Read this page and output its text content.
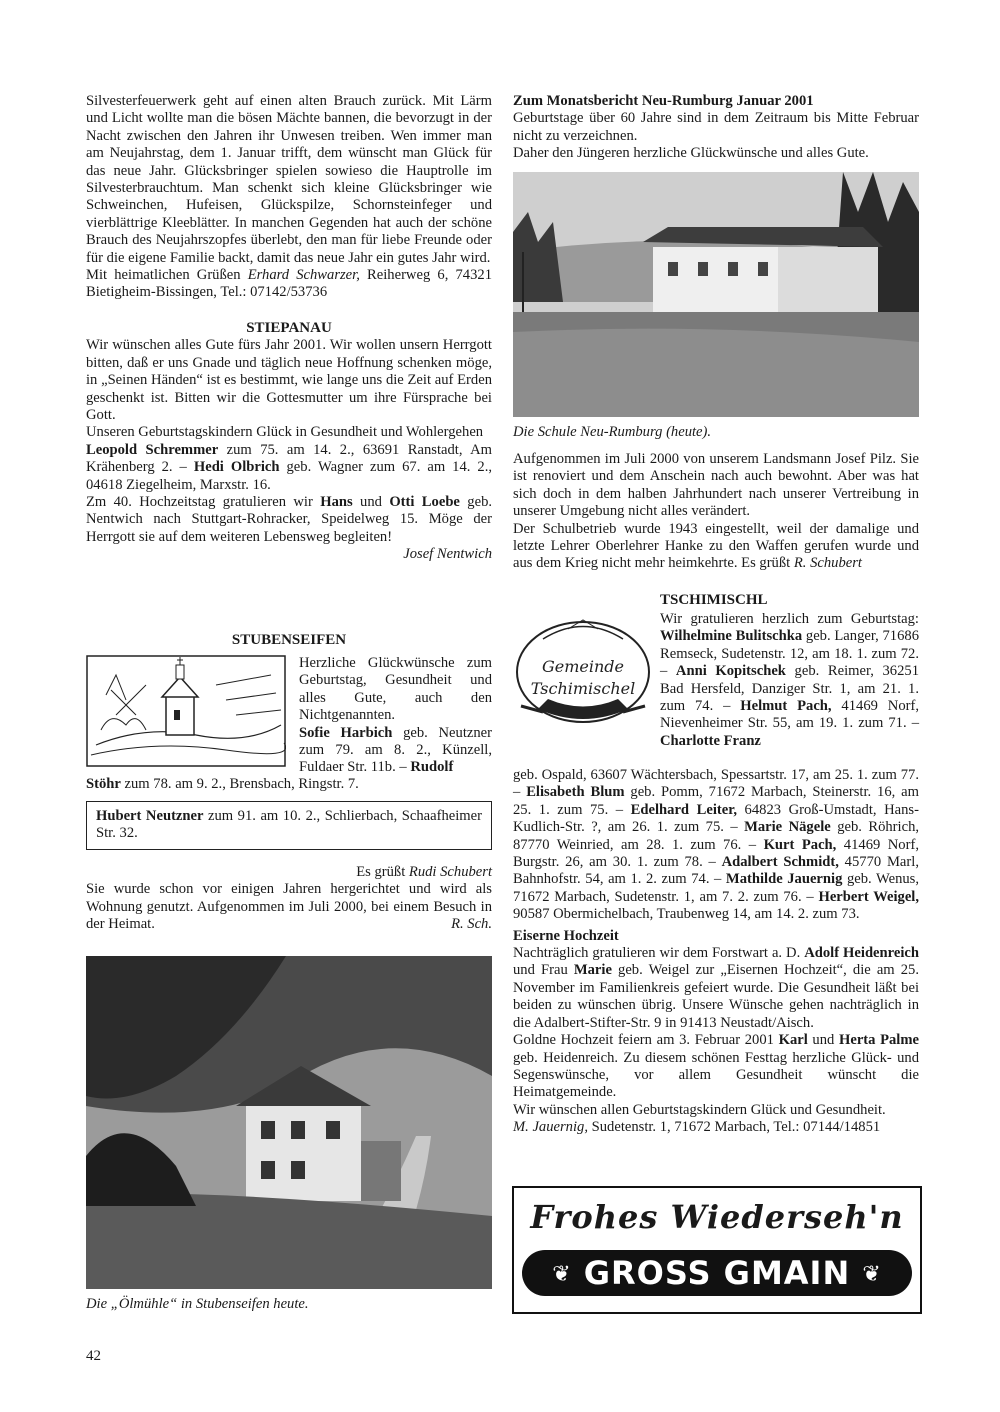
Silvesterfeuerwerk geht auf einen alten Brauch zurück. Mit Lärm und Licht wollte man die bösen Mächte bannen, die bevorzugt in der Nacht zwischen den Jahren ihr Unwesen treiben. Wen immer man am Neujahrstag, dem 1. Januar trifft, dem wünscht man Glück für das neue Jahr. Glücksbringer spielen sowieso die Hauptrolle im Silvesterbrauchtum. Man schenkt sich kleine Glücksbringer wie Schweinchen, Hufeisen, Glückspilze, Schornsteinfeger und vierblättrige Kleeblätter. In manchen Gegenden hat auch der schöne Brauch des Neujahrszopfes überlebt, den man für liebe Freunde oder für die eigene Familie backt, damit das neue Jahr ein gutes Jahr wird.

Mit heimatlichen Grüßen Erhard Schwarzer, Reiherweg 6, 74321 Bietigheim-Bissingen, Tel.: 07142/53736

STIEPANAU

Wir wünschen alles Gute fürs Jahr 2001. Wir wollen unsern Herrgott bitten, daß er uns Gnade und täglich neue Hoffnung schenken möge, in „Seinen Händen“ ist es bestimmt, wie lange uns die Zeit auf Erden geschenkt ist. Bitten wir die Gottesmutter um ihre Fürsprache bei Gott.

Unseren Geburtstagskindern Glück in Gesundheit und Wohlergehen

Leopold Schremmer zum 75. am 14. 2., 63691 Ranstadt, Am Krähenberg 2. – Hedi Olbrich geb. Wagner zum 67. am 14. 2., 04618 Ziegelheim, Marxstr. 16.

Zm 40. Hochzeitstag gratulieren wir Hans und Otti Loebe geb. Nentwich nach Stuttgart-Rohracker, Speidelweg 15. Möge der Herrgott sie auf dem weiteren Lebensweg begleiten!

Josef Nentwich

STUBENSEIFEN

Herzliche Glückwünsche zum Geburtstag, Gesundheit und alles Gute, auch den Nichtgenannten.

Sofie Harbich geb. Neutzner zum 79. am 8. 2., Künzell, Fuldaer Str. 11b. – Rudolf

Stöhr zum 78. am 9. 2., Brensbach, Ringstr. 7.

Hubert Neutzner zum 91. am 10. 2., Schlierbach, Schaafheimer Str. 32.

Es grüßt Rudi Schubert

Sie wurde schon vor einigen Jahren hergerichtet und wird als Wohnung genutzt. Aufgenommen im Juli 2000, bei einem Besuch in der Heimat.	R. Sch.

Die „Ölmühle“ in Stubenseifen heute.

Zum Monatsbericht Neu-Rumburg Januar 2001

Geburtstage über 60 Jahre sind in dem Zeitraum bis Mitte Februar nicht zu verzeichnen.

Daher den Jüngeren herzliche Glückwünsche und alles Gute.

Die Schule Neu-Rumburg (heute).

Aufgenommen im Juli 2000 von unserem Landsmann Josef Pilz. Sie ist renoviert und dem Anschein nach auch bewohnt. Aber was hat sich doch in dem halben Jahrhundert nach unserer Vertreibung in unserer Umgebung nicht alles verändert.

Der Schulbetrieb wurde 1943 eingestellt, weil der damalige und letzte Lehrer Oberlehrer Hanke zu den Waffen gerufen wurde und aus dem Krieg nicht mehr heimkehrte. Es grüßt R. Schubert

TSCHIMISCHL

Gemeinde
Tschimischel

Wir gratulieren herzlich zum Geburtstag: Wilhelmine Bulitschka geb. Langer, 71686 Remseck, Sudetenstr. 12, am 18. 1. zum 72. – Anni Kopitschek geb. Reimer, 36251 Bad Hersfeld, Danziger Str. 1, am 21. 1. zum 74. – Helmut Pach, 41469 Norf, Nievenheimer Str. 55, am 19. 1. zum 71. – Charlotte Franz

geb. Ospald, 63607 Wächtersbach, Spessartstr. 17, am 25. 1. zum 77. – Elisabeth Blum geb. Pomm, 71672 Marbach, Steinerstr. 16, am 25. 1. zum 75. – Edelhard Leiter, 64823 Groß-Umstadt, Hans-Kudlich-Str. ?, am 26. 1. zum 75. – Marie Nägele geb. Röhrich, 87770 Weinried, am 28. 1. zum 76. – Kurt Pach, 41469 Norf, Burgstr. 26, am 30. 1. zum 78. – Adalbert Schmidt, 45770 Marl, Bahnhofstr. 54, am 1. 2. zum 74. – Mathilde Jauernig geb. Wenus, 71672 Marbach, Sudetenstr. 1, am 7. 2. zum 76. – Herbert Weigel, 90587 Obermichelbach, Traubenweg 14, am 14. 2. zum 73.

Eiserne Hochzeit

Nachträglich gratulieren wir dem Forstwart a. D. Adolf Heidenreich und Frau Marie geb. Weigel zur „Eisernen Hochzeit“, die am 25. November im Familienkreis gefeiert wurde. Die Gesundheit läßt bei beiden zu wünschen übrig. Unsere Wünsche gehen nachträglich in die Adalbert-Stifter-Str. 9 in 91413 Neustadt/Aisch.

Goldne Hochzeit feiern am 3. Februar 2001 Karl und Herta Palme geb. Heidenreich. Zu diesem schönen Festtag herzliche Glück- und Segenswünsche, vor allem Gesundheit wünscht die Heimatgemeinde.

Wir wünschen allen Geburtstagskindern Glück und Gesundheit.

M. Jauernig, Sudetenstr. 1, 71672 Marbach, Tel.: 07144/14851

Frohes Wiederseh'n
❦ GROSS GMAIN ❦
42
